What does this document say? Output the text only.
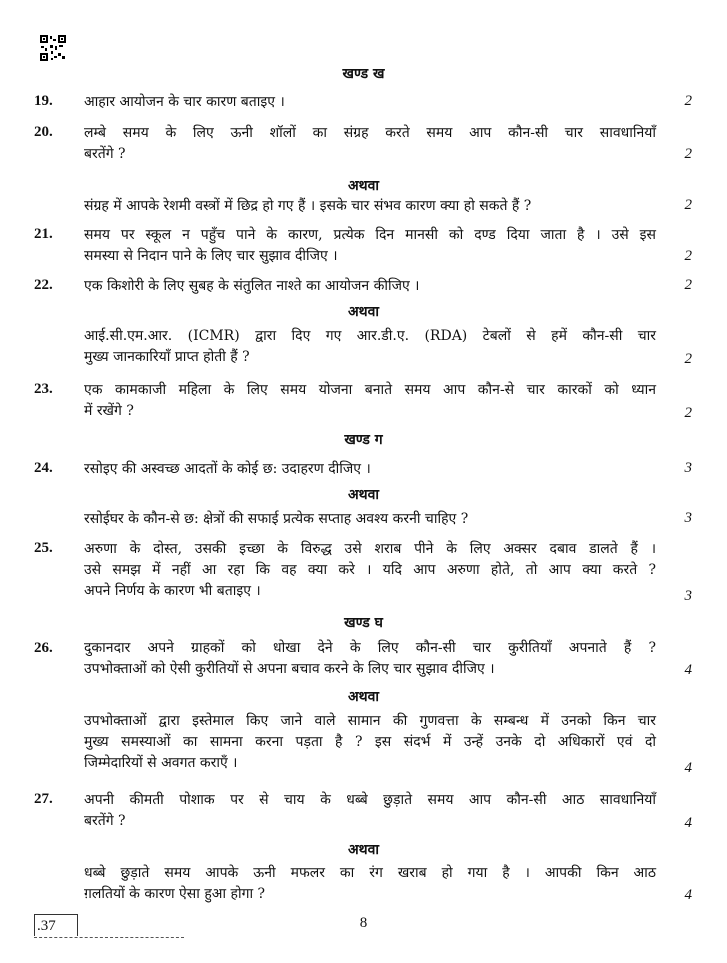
खण्ड ख
19. आहार आयोजन के चार कारण बताइए ।	2
20. लम्बे समय के लिए ऊनी शॉलों का संग्रह करते समय आप कौन-सी चार सावधानियाँ
बरतेंगे ?	2
अथवा
संग्रह में आपके रेशमी वस्त्रों में छिद्र हो गए हैं । इसके चार संभव कारण क्या हो सकते हैं ?	2
21. समय पर स्कूल न पहुँच पाने के कारण, प्रत्येक दिन मानसी को दण्ड दिया जाता है । उसे इस
समस्या से निदान पाने के लिए चार सुझाव दीजिए ।	2
22. एक किशोरी के लिए सुबह के संतुलित नाश्ते का आयोजन कीजिए ।	2
अथवा
आई.सी.एम.आर. (ICMR) द्वारा दिए गए आर.डी.ए. (RDA) टेबलों से हमें कौन-सी चार
मुख्य जानकारियाँ प्राप्त होती हैं ?	2
23. एक कामकाजी महिला के लिए समय योजना बनाते समय आप कौन-से चार कारकों को ध्यान
में रखेंगे ?	2
खण्ड ग
24. रसोइए की अस्वच्छ आदतों के कोई छ: उदाहरण दीजिए ।	3
अथवा
रसोईघर के कौन-से छ: क्षेत्रों की सफाई प्रत्येक सप्ताह अवश्य करनी चाहिए ?	3
25. अरुणा के दोस्त, उसकी इच्छा के विरुद्ध उसे शराब पीने के लिए अक्सर दबाव डालते हैं ।
उसे समझ में नहीं आ रहा कि वह क्या करे । यदि आप अरुणा होते, तो आप क्या करते ?
अपने निर्णय के कारण भी बताइए ।	3
खण्ड घ
26. दुकानदार अपने ग्राहकों को धोखा देने के लिए कौन-सी चार कुरीतियाँ अपनाते हैं ?
उपभोक्ताओं को ऐसी कुरीतियों से अपना बचाव करने के लिए चार सुझाव दीजिए ।	4
अथवा
उपभोक्ताओं द्वारा इस्तेमाल किए जाने वाले सामान की गुणवत्ता के सम्बन्ध में उनको किन चार
मुख्य समस्याओं का सामना करना पड़ता है ? इस संदर्भ में उन्हें उनके दो अधिकारों एवं दो
जिम्मेदारियों से अवगत कराएँ ।	4
27. अपनी कीमती पोशाक पर से चाय के धब्बे छुड़ाते समय आप कौन-सी आठ सावधानियाँ
बरतेंगे ?	4
अथवा
धब्बे छुड़ाते समय आपके ऊनी मफलर का रंग खराब हो गया है । आपकी किन आठ
ग़लतियों के कारण ऐसा हुआ होगा ?	4
.37	8
